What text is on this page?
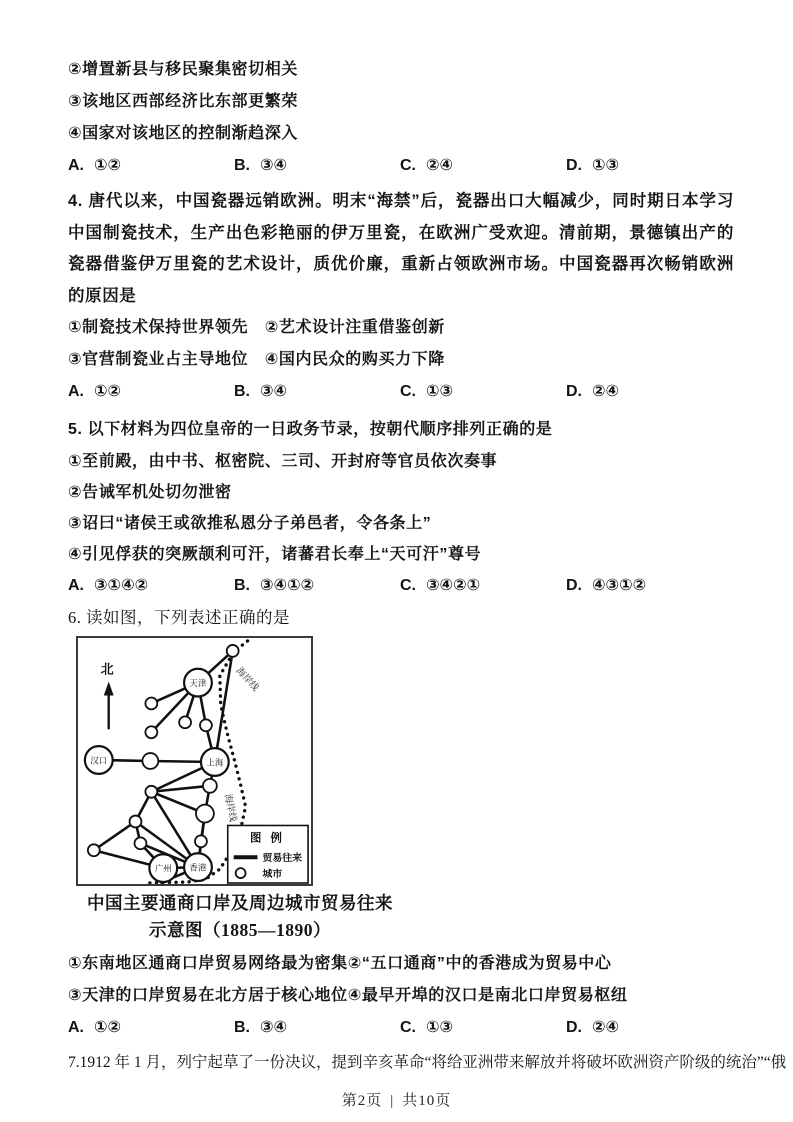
②增置新县与移民聚集密切相关
③该地区西部经济比东部更繁荣
④国家对该地区的控制渐趋深入
A. ①②	B. ③④	C. ②④	D. ①③

4. 唐代以来，中国瓷器远销欧洲。明末“海禁”后，瓷器出口大幅减少，同时期日本学习中国制瓷技术，生产出色彩艳丽的伊万里瓷，在欧洲广受欢迎。清前期，景德镇出产的瓷器借鉴伊万里瓷的艺术设计，质优价廉，重新占领欧洲市场。中国瓷器再次畅销欧洲的原因是

①制瓷技术保持世界领先　②艺术设计注重借鉴创新
③官营制瓷业占主导地位　④国内民众的购买力下降
A. ①②	B. ③④	C. ①③	D. ②④
5. 以下材料为四位皇帝的一日政务节录，按朝代顺序排列正确的是
①至前殿，由中书、枢密院、三司、开封府等官员依次奏事
②告诫军机处切勿泄密
③诏曰“诸侯王或欲推私恩分子弟邑者，令各条上”
④引见俘获的突厥颉利可汗，诸蕃君长奉上“天可汗”尊号
A. ③①④②	B. ③④①②	C. ③④②①	D. ④③①②
6. 读如图，下列表述正确的是
海岸线
海岸线
天津
汉口	上海
广州 香港
北
图 例
贸易往来
城市
中国主要通商口岸及周边城市贸易往来
示意图（1885—1890）
①东南地区通商口岸贸易网络最为密集②“五口通商”中的香港成为贸易中心
③天津的口岸贸易在北方居于核心地位④最早开埠的汉口是南北口岸贸易枢纽
A. ①②	B. ③④	C. ①③	D. ②④
7.1912 年 1 月，列宁起草了一份决议，提到辛亥革命“将给亚洲带来解放并将破坏欧洲资产阶级的统治”“俄
第2页 | 共10页
